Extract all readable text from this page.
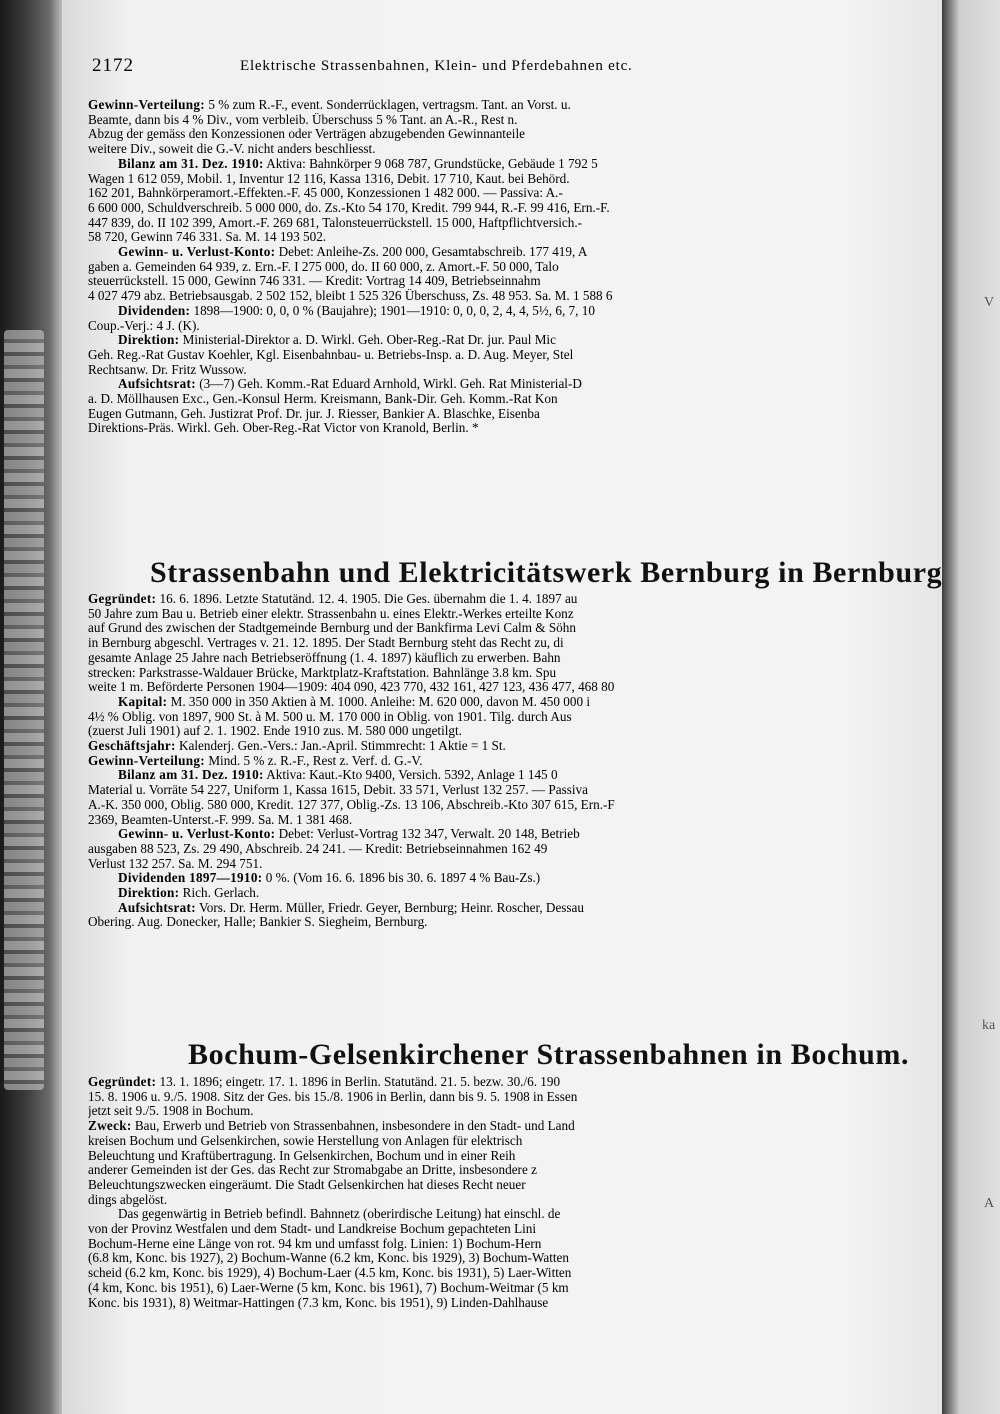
V
ka
A
2172	Elektrische Strassenbahnen, Klein- und Pferdebahnen etc.

Gewinn-Verteilung: 5 % zum R.-F., event. Sonderrücklagen, vertragsm. Tant. an Vorst. u.

Beamte, dann bis 4 % Div., vom verbleib. Überschuss 5 % Tant. an A.-R., Rest n.

Abzug der gemäss den Konzessionen oder Verträgen abzugebenden Gewinnanteile

weitere Div., soweit die G.-V. nicht anders beschliesst.

Bilanz am 31. Dez. 1910: Aktiva: Bahnkörper 9 068 787, Grundstücke, Gebäude 1 792 5

Wagen 1 612 059, Mobil. 1, Inventur 12 116, Kassa 1316, Debit. 17 710, Kaut. bei Behörd.

162 201, Bahnkörperamort.-Effekten.-F. 45 000, Konzessionen 1 482 000. — Passiva: A.-

6 600 000, Schuldverschreib. 5 000 000, do. Zs.-Kto 54 170, Kredit. 799 944, R.-F. 99 416, Ern.-F.

447 839, do. II 102 399, Amort.-F. 269 681, Talonsteuerrückstell. 15 000, Haftpflichtversich.-

58 720, Gewinn 746 331. Sa. M. 14 193 502.

Gewinn- u. Verlust-Konto: Debet: Anleihe-Zs. 200 000, Gesamtabschreib. 177 419, A

gaben a. Gemeinden 64 939, z. Ern.-F. I 275 000, do. II 60 000, z. Amort.-F. 50 000, Talo

steuerrückstell. 15 000, Gewinn 746 331. — Kredit: Vortrag 14 409, Betriebseinnahm

4 027 479 abz. Betriebsausgab. 2 502 152, bleibt 1 525 326 Überschuss, Zs. 48 953. Sa. M. 1 588 6

Dividenden: 1898—1900: 0, 0, 0 % (Baujahre); 1901—1910: 0, 0, 0, 2, 4, 4, 5½, 6, 7, 10

Coup.-Verj.: 4 J. (K).

Direktion: Ministerial-Direktor a. D. Wirkl. Geh. Ober-Reg.-Rat Dr. jur. Paul Mic

Geh. Reg.-Rat Gustav Koehler, Kgl. Eisenbahnbau- u. Betriebs-Insp. a. D. Aug. Meyer, Stel

Rechtsanw. Dr. Fritz Wussow.

Aufsichtsrat: (3—7) Geh. Komm.-Rat Eduard Arnhold, Wirkl. Geh. Rat Ministerial-D

a. D. Möllhausen Exc., Gen.-Konsul Herm. Kreismann, Bank-Dir. Geh. Komm.-Rat Kon

Eugen Gutmann, Geh. Justizrat Prof. Dr. jur. J. Riesser, Bankier A. Blaschke, Eisenba

Direktions-Präs. Wirkl. Geh. Ober-Reg.-Rat Victor von Kranold, Berlin. *

Strassenbahn und Elektricitätswerk Bernburg in Bernburg

Gegründet: 16. 6. 1896. Letzte Statutänd. 12. 4. 1905. Die Ges. übernahm die 1. 4. 1897 au

50 Jahre zum Bau u. Betrieb einer elektr. Strassenbahn u. eines Elektr.-Werkes erteilte Konz

auf Grund des zwischen der Stadtgemeinde Bernburg und der Bankfirma Levi Calm & Söhn

in Bernburg abgeschl. Vertrages v. 21. 12. 1895. Der Stadt Bernburg steht das Recht zu, di

gesamte Anlage 25 Jahre nach Betriebseröffnung (1. 4. 1897) käuflich zu erwerben. Bahn

strecken: Parkstrasse-Waldauer Brücke, Marktplatz-Kraftstation. Bahnlänge 3.8 km. Spu

weite 1 m. Beförderte Personen 1904—1909: 404 090, 423 770, 432 161, 427 123, 436 477, 468 80

Kapital: M. 350 000 in 350 Aktien à M. 1000. Anleihe: M. 620 000, davon M. 450 000 i

4½ % Oblig. von 1897, 900 St. à M. 500 u. M. 170 000 in Oblig. von 1901. Tilg. durch Aus

(zuerst Juli 1901) auf 2. 1. 1902. Ende 1910 zus. M. 580 000 ungetilgt.

Geschäftsjahr: Kalenderj. Gen.-Vers.: Jan.-April. Stimmrecht: 1 Aktie = 1 St.

Gewinn-Verteilung: Mind. 5 % z. R.-F., Rest z. Verf. d. G.-V.

Bilanz am 31. Dez. 1910: Aktiva: Kaut.-Kto 9400, Versich. 5392, Anlage 1 145 0

Material u. Vorräte 54 227, Uniform 1, Kassa 1615, Debit. 33 571, Verlust 132 257. — Passiva

A.-K. 350 000, Oblig. 580 000, Kredit. 127 377, Oblig.-Zs. 13 106, Abschreib.-Kto 307 615, Ern.-F

2369, Beamten-Unterst.-F. 999. Sa. M. 1 381 468.

Gewinn- u. Verlust-Konto: Debet: Verlust-Vortrag 132 347, Verwalt. 20 148, Betrieb

ausgaben 88 523, Zs. 29 490, Abschreib. 24 241. — Kredit: Betriebseinnahmen 162 49

Verlust 132 257. Sa. M. 294 751.

Dividenden 1897—1910: 0 %. (Vom 16. 6. 1896 bis 30. 6. 1897 4 % Bau-Zs.)

Direktion: Rich. Gerlach.

Aufsichtsrat: Vors. Dr. Herm. Müller, Friedr. Geyer, Bernburg; Heinr. Roscher, Dessau

Obering. Aug. Donecker, Halle; Bankier S. Siegheim, Bernburg.

Bochum-Gelsenkirchener Strassenbahnen in Bochum.

Gegründet: 13. 1. 1896; eingetr. 17. 1. 1896 in Berlin. Statutänd. 21. 5. bezw. 30./6. 190

15. 8. 1906 u. 9./5. 1908. Sitz der Ges. bis 15./8. 1906 in Berlin, dann bis 9. 5. 1908 in Essen

jetzt seit 9./5. 1908 in Bochum.

Zweck: Bau, Erwerb und Betrieb von Strassenbahnen, insbesondere in den Stadt- und Land

kreisen Bochum und Gelsenkirchen, sowie Herstellung von Anlagen für elektrisch

Beleuchtung und Kraftübertragung. In Gelsenkirchen, Bochum und in einer Reih

anderer Gemeinden ist der Ges. das Recht zur Stromabgabe an Dritte, insbesondere z

Beleuchtungszwecken eingeräumt. Die Stadt Gelsenkirchen hat dieses Recht neuer

dings abgelöst.

Das gegenwärtig in Betrieb befindl. Bahnnetz (oberirdische Leitung) hat einschl. de

von der Provinz Westfalen und dem Stadt- und Landkreise Bochum gepachteten Lini

Bochum-Herne eine Länge von rot. 94 km und umfasst folg. Linien: 1) Bochum-Hern

(6.8 km, Konc. bis 1927), 2) Bochum-Wanne (6.2 km, Konc. bis 1929), 3) Bochum-Watten

scheid (6.2 km, Konc. bis 1929), 4) Bochum-Laer (4.5 km, Konc. bis 1931), 5) Laer-Witten

(4 km, Konc. bis 1951), 6) Laer-Werne (5 km, Konc. bis 1961), 7) Bochum-Weitmar (5 km

Konc. bis 1931), 8) Weitmar-Hattingen (7.3 km, Konc. bis 1951), 9) Linden-Dahlhause
